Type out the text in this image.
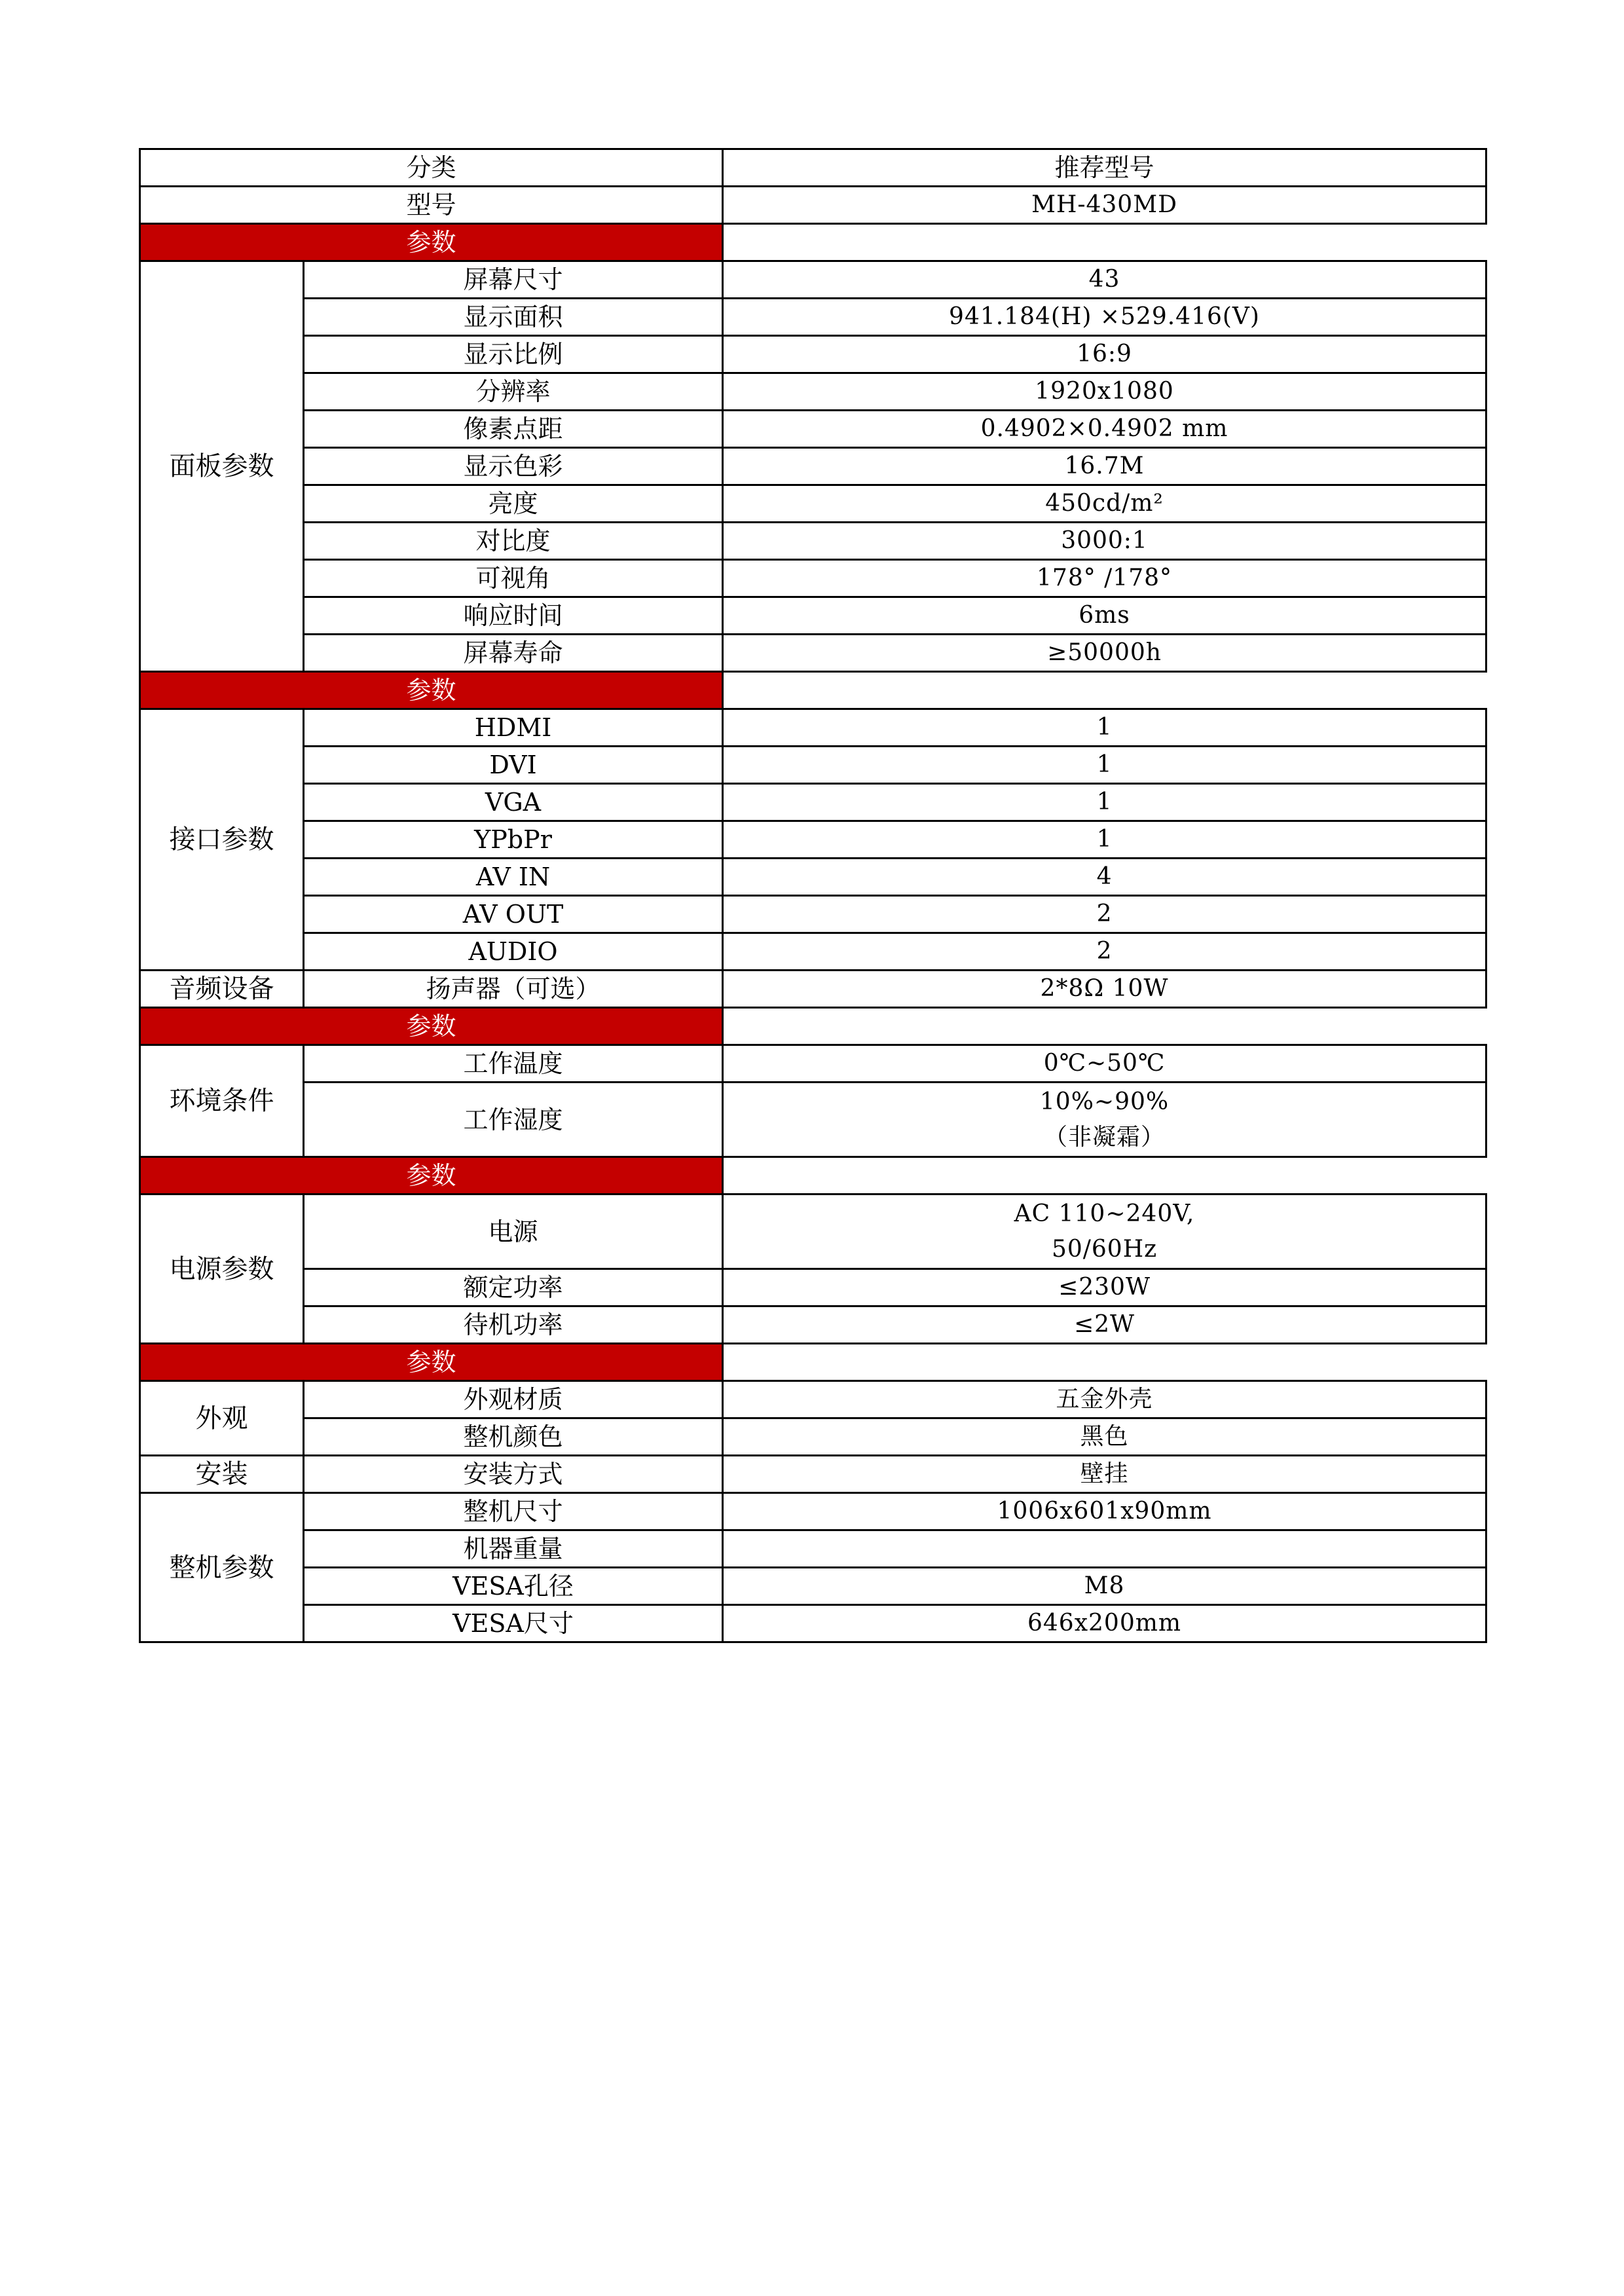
分类		推荐型号
型号		MH-430MD
参数		
面板参数	屏幕尺寸	43
	显示面积	941.184(H) ×529.416(V)
	显示比例	16:9
	分辨率	1920x1080
	像素点距	0.4902×0.4902 mm
	显示色彩	16.7M
	亮度	450cd/m²
	对比度	3000:1
	可视角	178° /178°
	响应时间	6ms
	屏幕寿命	≥50000h
参数		
接口参数	HDMI	1
	DVI	1
	VGA	1
	YPbPr	1
	AV IN	4
	AV OUT	2
	AUDIO	2
音频设备	扬声器（可选）	2*8Ω 10W
参数		
环境条件	工作温度	0℃~50℃
	工作湿度	10%~90%
（非凝霜）

参数		
电源参数	电源	AC 110~240V,
50/60Hz

	额定功率	≤230W
	待机功率	≤2W
参数		
外观	外观材质	五金外壳
	整机颜色	黑色
安装	安装方式	壁挂
整机参数	整机尺寸	1006x601x90mm
	机器重量	
	VESA孔径	M8
	VESA尺寸	646x200mm
